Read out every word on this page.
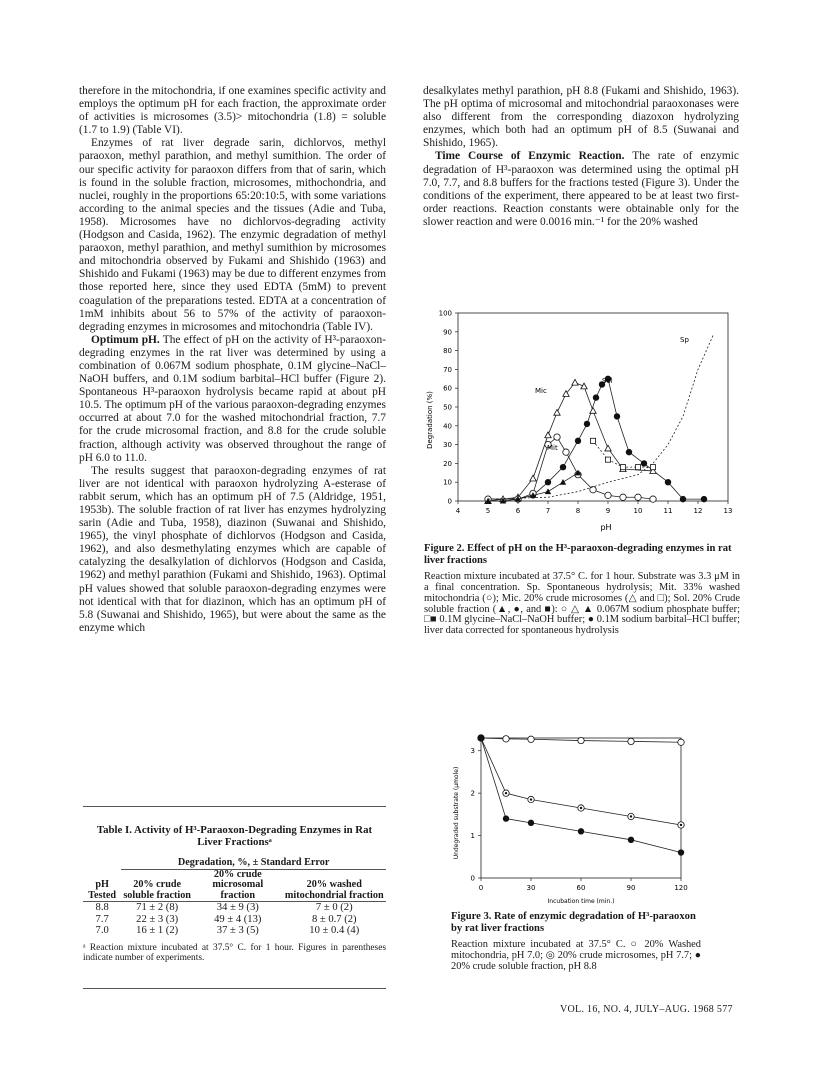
therefore in the mitochondria, if one examines specific activity and employs the optimum pH for each fraction, the approximate order of activities is microsomes (3.5)> mitochondria (1.8) = soluble (1.7 to 1.9) (Table VI).

Enzymes of rat liver degrade sarin, dichlorvos, methyl paraoxon, methyl parathion, and methyl sumithion. The order of our specific activity for paraoxon differs from that of sarin, which is found in the soluble fraction, microsomes, mithochondria, and nuclei, roughly in the proportions 65:20:10:5, with some variations according to the animal species and the tissues (Adie and Tuba, 1958). Microsomes have no dichlorvos-degrading activity (Hodgson and Casida, 1962). The enzymic degradation of methyl paraoxon, methyl parathion, and methyl sumithion by microsomes and mitochondria observed by Fukami and Shishido (1963) and Shishido and Fukami (1963) may be due to different enzymes from those reported here, since they used EDTA (5mM) to prevent coagulation of the preparations tested. EDTA at a concentration of 1mM inhibits about 56 to 57% of the activity of paraoxon-degrading enzymes in microsomes and mitochondria (Table IV).

Optimum pH. The effect of pH on the activity of H³-paraoxon-degrading enzymes in the rat liver was determined by using a combination of 0.067M sodium phosphate, 0.1M glycine–NaCl–NaOH buffers, and 0.1M sodium barbital–HCl buffer (Figure 2). Spontaneous H³-paraoxon hydrolysis became rapid at about pH 10.5. The optimum pH of the various paraoxon-degrading enzymes occurred at about 7.0 for the washed mitochondrial fraction, 7.7 for the crude microsomal fraction, and 8.8 for the crude soluble fraction, although activity was observed throughout the range of pH 6.0 to 11.0.

The results suggest that paraoxon-degrading enzymes of rat liver are not identical with paraoxon hydrolyzing A-esterase of rabbit serum, which has an optimum pH of 7.5 (Aldridge, 1951, 1953b). The soluble fraction of rat liver has enzymes hydrolyzing sarin (Adie and Tuba, 1958), diazinon (Suwanai and Shishido, 1965), the vinyl phosphate of dichlorvos (Hodgson and Casida, 1962), and also desmethylating enzymes which are capable of catalyzing the desalkylation of dichlorvos (Hodgson and Casida, 1962) and methyl parathion (Fukami and Shishido, 1963). Optimal pH values showed that soluble paraoxon-degrading enzymes were not identical with that for diazinon, which has an optimum pH of 5.8 (Suwanai and Shishido, 1965), but were about the same as the enzyme which

desalkylates methyl parathion, pH 8.8 (Fukami and Shishido, 1963). The pH optima of microsomal and mitochondrial paraoxonases were also different from the corresponding diazoxon hydrolyzing enzymes, which both had an optimum pH of 8.5 (Suwanai and Shishido, 1965).

Time Course of Enzymic Reaction. The rate of enzymic degradation of H³-paraoxon was determined using the optimal pH 7.0, 7.7, and 8.8 buffers for the fractions tested (Figure 3). Under the conditions of the experiment, there appeared to be at least two first-order reactions. Reaction constants were obtainable only for the slower reaction and were 0.0016 min.⁻¹ for the 20% washed

4	5	6	7	8	9	10	11	12	13
0
10
20
30
40
50
60
70
80
90
100
Degradation (%)
pH
Sp
Sol
Mic
Mit
Figure 2. Effect of pH on the H³-paraoxon-degrading enzymes in rat liver fractions
Reaction mixture incubated at 37.5° C. for 1 hour. Substrate was 3.3 μM in a final concentration. Sp. Spontaneous hydrolysis; Mit. 33% washed mitochondria (○); Mic. 20% crude microsomes (△ and □); Sol. 20% Crude soluble fraction (▲, ●, and ■): ○ △ ▲ 0.067M sodium phosphate buffer; □■ 0.1M glycine–NaCl–NaOH buffer; ● 0.1M sodium barbital–HCl buffer; liver data corrected for spontaneous hydrolysis
0	30	60	90	120
0
1
2
3
Undegraded substrate (μmole)
Incubation time (min.)
Figure 3. Rate of enzymic degradation of H³-paraoxon by rat liver fractions
Reaction mixture incubated at 37.5° C. ○ 20% Washed mitochondria, pH 7.0; ◎ 20% crude microsomes, pH 7.7; ● 20% crude soluble fraction, pH 8.8
Table I. Activity of H³-Paraoxon-Degrading Enzymes in Rat Liver Fractionsᵃ
pH Tested	Degradation, %, ± Standard Error		
	20% crude soluble fraction	20% crude microsomal fraction	20% washed mitochondrial fraction
8.8	71 ± 2 (8)	34 ± 9 (3)	7 ± 0 (2)
7.7	22 ± 3 (3)	49 ± 4 (13)	8 ± 0.7 (2)
7.0	16 ± 1 (2)	37 ± 3 (5)	10 ± 0.4 (4)
ᵃ Reaction mixture incubated at 37.5° C. for 1 hour. Figures in parentheses indicate number of experiments.
VOL. 16, NO. 4, JULY–AUG. 1968 577
